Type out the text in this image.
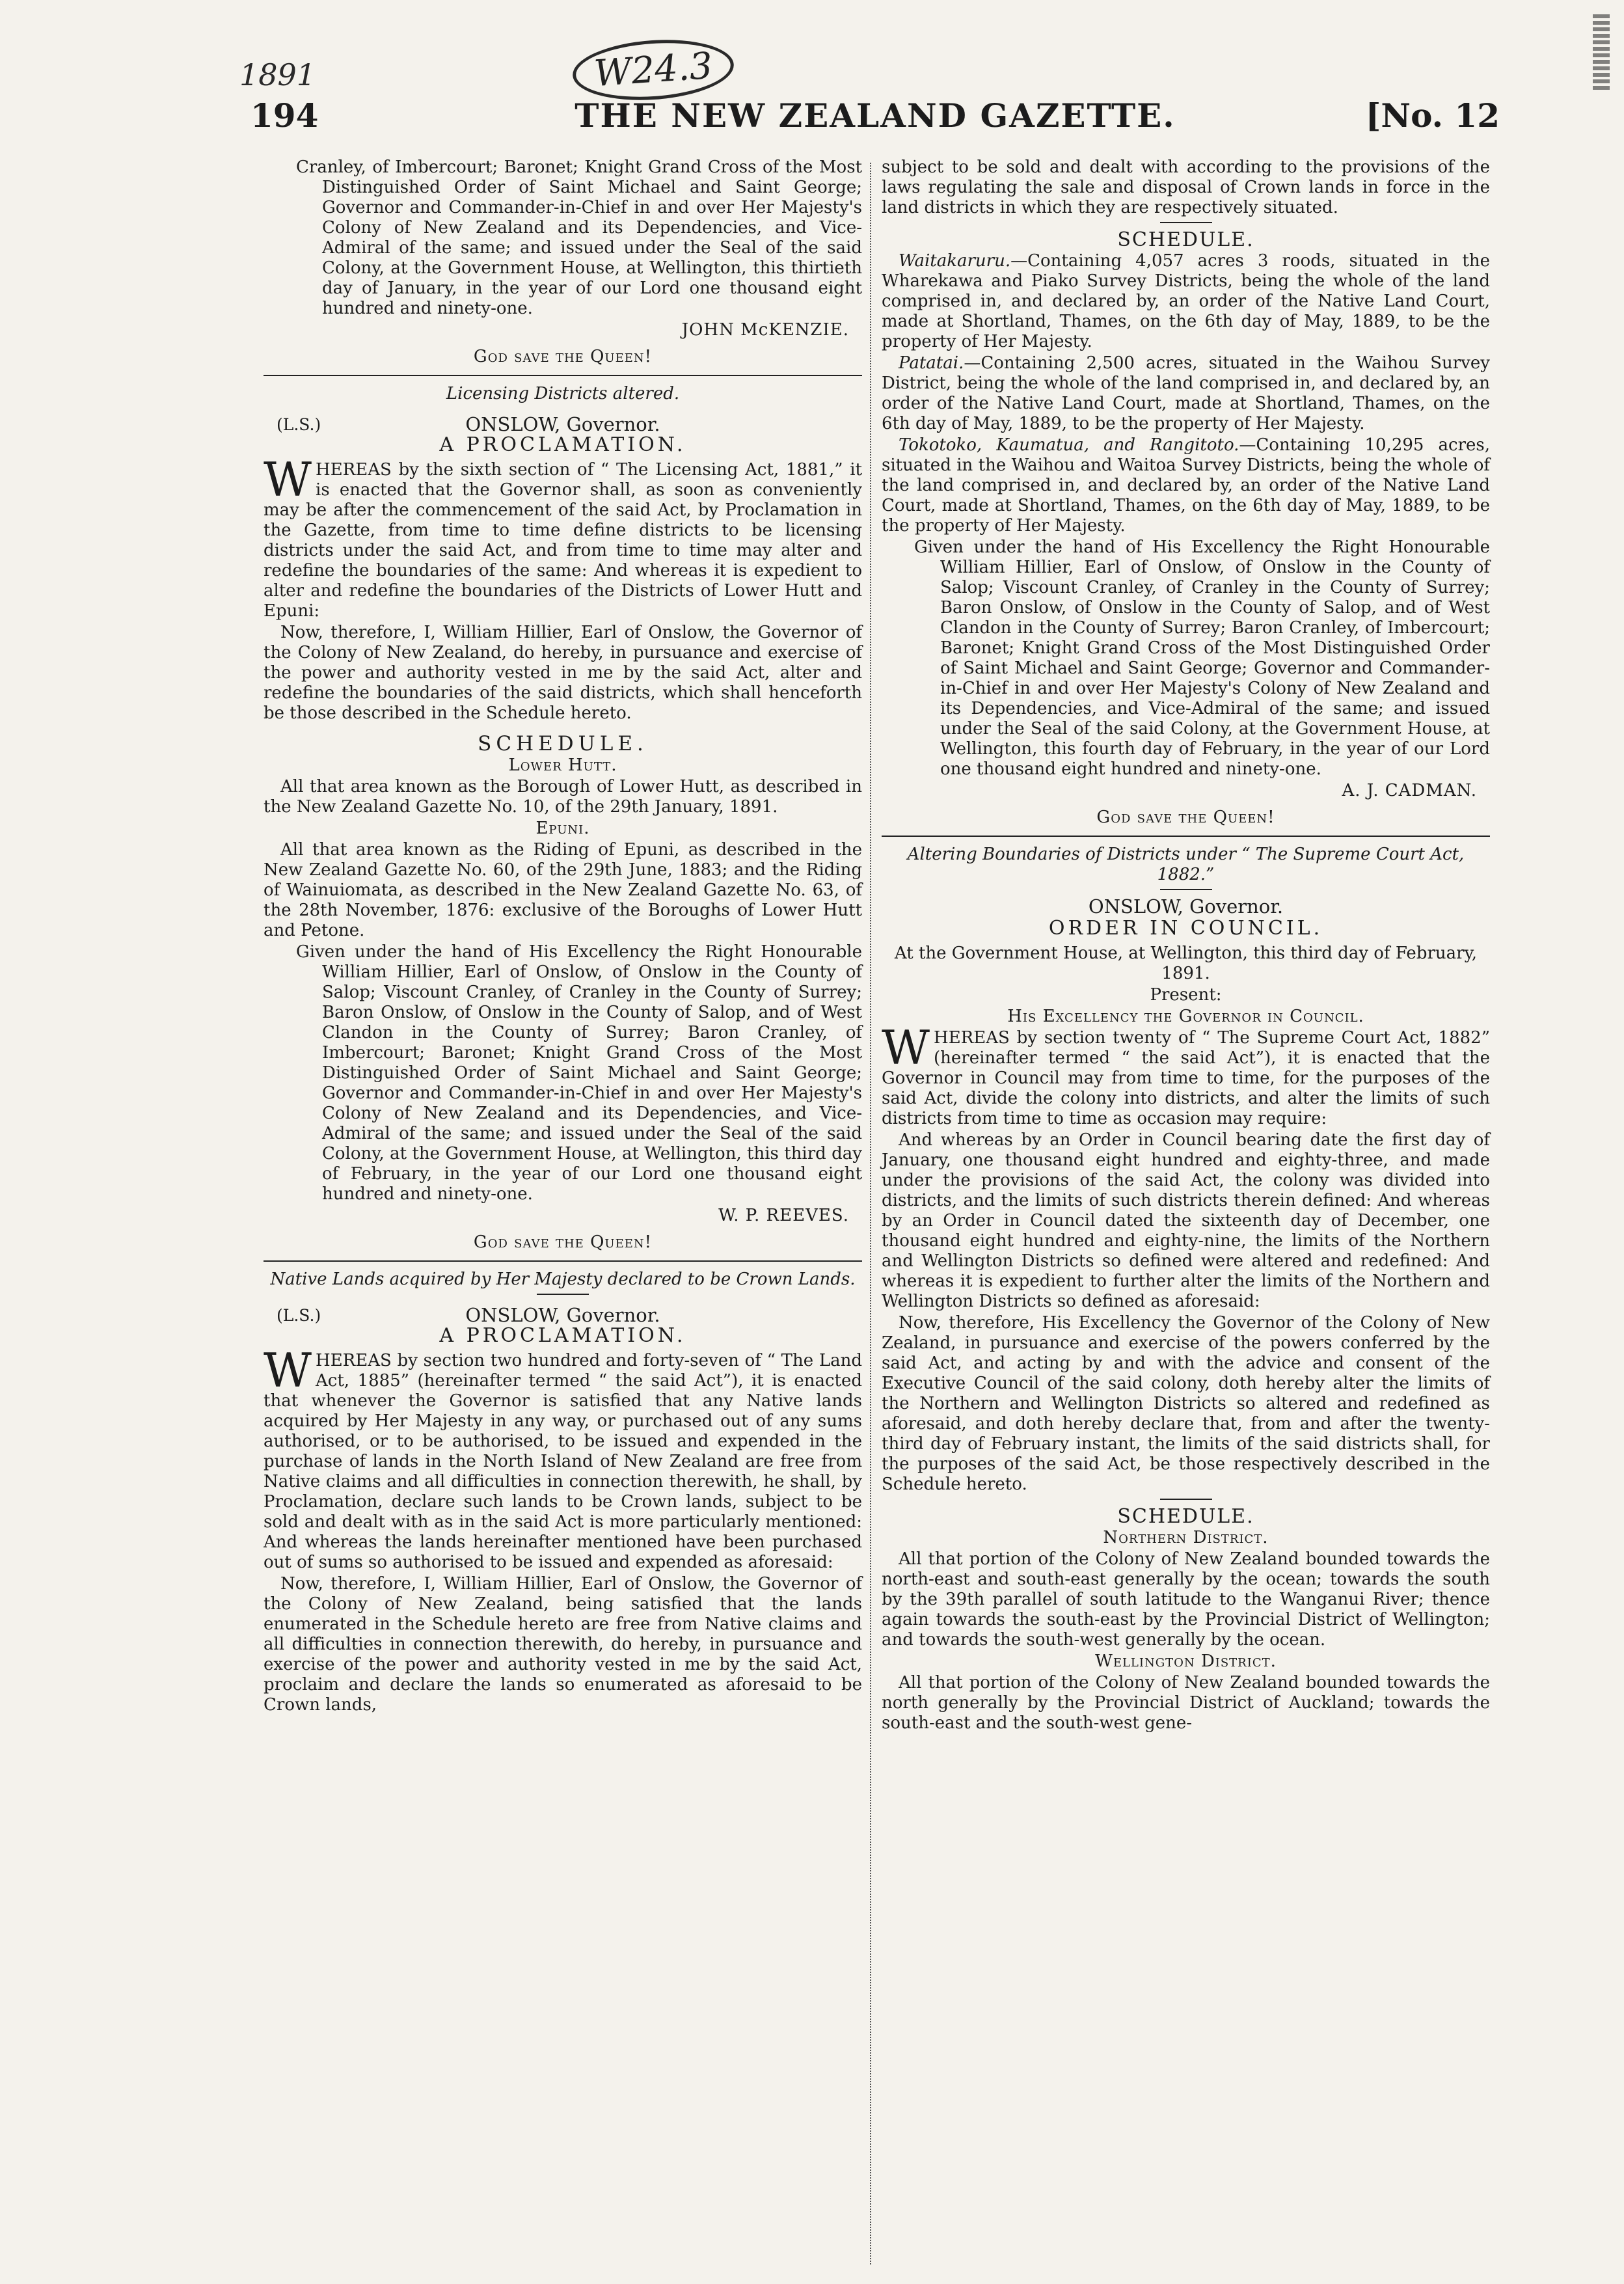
1891	W24.3
194	THE NEW ZEALAND GAZETTE.	[No. 12

Cranley, of Imbercourt; Baronet; Knight Grand Cross of the Most Distinguished Order of Saint Michael and Saint George; Governor and Commander-in-Chief in and over Her Majesty's Colony of New Zealand and its Dependencies, and Vice-Admiral of the same; and issued under the Seal of the said Colony, at the Government House, at Wellington, this thirtieth day of January, in the year of our Lord one thousand eight hundred and ninety-one.

JOHN McKENZIE.

God save the Queen!

Licensing Districts altered.

(L.S.)	ONSLOW, Governor.

A PROCLAMATION.

WHEREAS by the sixth section of “ The Licensing Act, 1881,” it is enacted that the Governor shall, as soon as conveniently may be after the commencement of the said Act, by Proclamation in the Gazette, from time to time define districts to be licensing districts under the said Act, and from time to time may alter and redefine the boundaries of the same: And whereas it is expedient to alter and redefine the boundaries of the Districts of Lower Hutt and Epuni:

Now, therefore, I, William Hillier, Earl of Onslow, the Governor of the Colony of New Zealand, do hereby, in pursuance and exercise of the power and authority vested in me by the said Act, alter and redefine the boundaries of the said districts, which shall henceforth be those described in the Schedule hereto.

SCHEDULE.

Lower Hutt.

All that area known as the Borough of Lower Hutt, as described in the New Zealand Gazette No. 10, of the 29th January, 1891.

Epuni.

All that area known as the Riding of Epuni, as described in the New Zealand Gazette No. 60, of the 29th June, 1883; and the Riding of Wainuiomata, as described in the New Zealand Gazette No. 63, of the 28th November, 1876: exclusive of the Boroughs of Lower Hutt and Petone.

Given under the hand of His Excellency the Right Honourable William Hillier, Earl of Onslow, of Onslow in the County of Salop; Viscount Cranley, of Cranley in the County of Surrey; Baron Onslow, of Onslow in the County of Salop, and of West Clandon in the County of Surrey; Baron Cranley, of Imbercourt; Baronet; Knight Grand Cross of the Most Distinguished Order of Saint Michael and Saint George; Governor and Commander-in-Chief in and over Her Majesty's Colony of New Zealand and its Dependencies, and Vice-Admiral of the same; and issued under the Seal of the said Colony, at the Government House, at Wellington, this third day of February, in the year of our Lord one thousand eight hundred and ninety-one.

W. P. REEVES.

God save the Queen!

Native Lands acquired by Her Majesty declared to be Crown Lands.

(L.S.)	ONSLOW, Governor.

A PROCLAMATION.

WHEREAS by section two hundred and forty-seven of “ The Land Act, 1885” (hereinafter termed “ the said Act”), it is enacted that whenever the Governor is satisfied that any Native lands acquired by Her Majesty in any way, or purchased out of any sums authorised, or to be authorised, to be issued and expended in the purchase of lands in the North Island of New Zealand are free from Native claims and all difficulties in connection therewith, he shall, by Proclamation, declare such lands to be Crown lands, subject to be sold and dealt with as in the said Act is more particularly mentioned: And whereas the lands hereinafter mentioned have been purchased out of sums so authorised to be issued and expended as aforesaid:

Now, therefore, I, William Hillier, Earl of Onslow, the Governor of the Colony of New Zealand, being satisfied that the lands enumerated in the Schedule hereto are free from Native claims and all difficulties in connection therewith, do hereby, in pursuance and exercise of the power and authority vested in me by the said Act, proclaim and declare the lands so enumerated as aforesaid to be Crown lands,

subject to be sold and dealt with according to the provisions of the laws regulating the sale and disposal of Crown lands in force in the land districts in which they are respectively situated.

SCHEDULE.

Waitakaruru.—Containing 4,057 acres 3 roods, situated in the Wharekawa and Piako Survey Districts, being the whole of the land comprised in, and declared by, an order of the Native Land Court, made at Shortland, Thames, on the 6th day of May, 1889, to be the property of Her Majesty.

Patatai.—Containing 2,500 acres, situated in the Waihou Survey District, being the whole of the land comprised in, and declared by, an order of the Native Land Court, made at Shortland, Thames, on the 6th day of May, 1889, to be the property of Her Majesty.

Tokotoko, Kaumatua, and Rangitoto.—Containing 10,295 acres, situated in the Waihou and Waitoa Survey Districts, being the whole of the land comprised in, and declared by, an order of the Native Land Court, made at Shortland, Thames, on the 6th day of May, 1889, to be the property of Her Majesty.

Given under the hand of His Excellency the Right Honourable William Hillier, Earl of Onslow, of Onslow in the County of Salop; Viscount Cranley, of Cranley in the County of Surrey; Baron Onslow, of Onslow in the County of Salop, and of West Clandon in the County of Surrey; Baron Cranley, of Imbercourt; Baronet; Knight Grand Cross of the Most Distinguished Order of Saint Michael and Saint George; Governor and Commander-in-Chief in and over Her Majesty's Colony of New Zealand and its Dependencies, and Vice-Admiral of the same; and issued under the Seal of the said Colony, at the Government House, at Wellington, this fourth day of February, in the year of our Lord one thousand eight hundred and ninety-one.

A. J. CADMAN.

God save the Queen!

Altering Boundaries of Districts under “ The Supreme Court Act, 1882.”

ONSLOW, Governor.

ORDER IN COUNCIL.

At the Government House, at Wellington, this third day of February, 1891.

Present:

His Excellency the Governor in Council.

WHEREAS by section twenty of “ The Supreme Court Act, 1882” (hereinafter termed “ the said Act”), it is enacted that the Governor in Council may from time to time, for the purposes of the said Act, divide the colony into districts, and alter the limits of such districts from time to time as occasion may require:

And whereas by an Order in Council bearing date the first day of January, one thousand eight hundred and eighty-three, and made under the provisions of the said Act, the colony was divided into districts, and the limits of such districts therein defined: And whereas by an Order in Council dated the sixteenth day of December, one thousand eight hundred and eighty-nine, the limits of the Northern and Wellington Districts so defined were altered and redefined: And whereas it is expedient to further alter the limits of the Northern and Wellington Districts so defined as aforesaid:

Now, therefore, His Excellency the Governor of the Colony of New Zealand, in pursuance and exercise of the powers conferred by the said Act, and acting by and with the advice and consent of the Executive Council of the said colony, doth hereby alter the limits of the Northern and Wellington Districts so altered and redefined as aforesaid, and doth hereby declare that, from and after the twenty-third day of February instant, the limits of the said districts shall, for the purposes of the said Act, be those respectively described in the Schedule hereto.

SCHEDULE.

Northern District.

All that portion of the Colony of New Zealand bounded towards the north-east and south-east generally by the ocean; towards the south by the 39th parallel of south latitude to the Wanganui River; thence again towards the south-east by the Provincial District of Wellington; and towards the south-west generally by the ocean.

Wellington District.

All that portion of the Colony of New Zealand bounded towards the north generally by the Provincial District of Auckland; towards the south-east and the south-west gene-
